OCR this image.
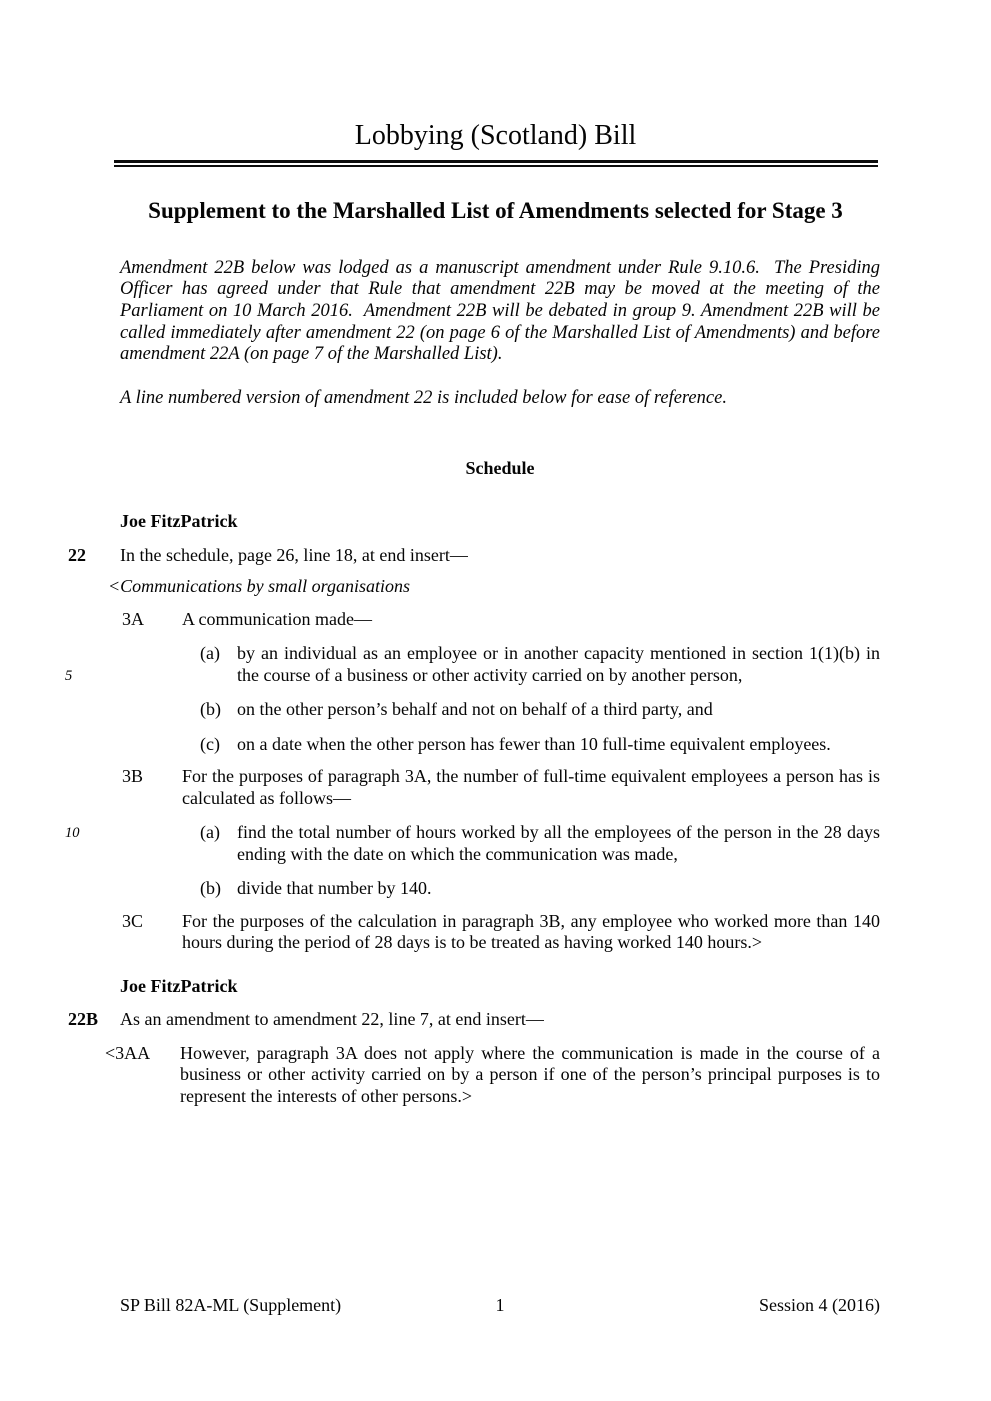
Lobbying (Scotland) Bill
Supplement to the Marshalled List of Amendments selected for Stage 3

Amendment 22B below was lodged as a manuscript amendment under Rule 9.10.6.  The Presiding Officer has agreed under that Rule that amendment 22B may be moved at the meeting of the Parliament on 10 March 2016.  Amendment 22B will be debated in group 9. Amendment 22B will be called immediately after amendment 22 (on page 6 of the Marshalled List of Amendments) and before amendment 22A (on page 7 of the Marshalled List).

A line numbered version of amendment 22 is included below for ease of reference.

Schedule
Joe FitzPatrick
22 In the schedule, page 26, line 18, at end insert—
<Communications by small organisations
3A A communication made—
5
(a) by an individual as an employee or in another capacity mentioned in section 1(1)(b) in the course of a business or other activity carried on by another person,
(b) on the other person’s behalf and not on behalf of a third party, and
(c) on a date when the other person has fewer than 10 full-time equivalent employees.
3B For the purposes of paragraph 3A, the number of full-time equivalent employees a person has is calculated as follows—
10	(a) find the total number of hours worked by all the employees of the person in the 28 days ending with the date on which the communication was made,
(b) divide that number by 140.
3C For the purposes of the calculation in paragraph 3B, any employee who worked more than 140 hours during the period of 28 days is to be treated as having worked 140 hours.>
Joe FitzPatrick
22B As an amendment to amendment 22, line 7, at end insert—
<3AA However, paragraph 3A does not apply where the communication is made in the course of a business or other activity carried on by a person if one of the person’s principal purposes is to represent the interests of other persons.>
SP Bill 82A-ML (Supplement)	1	Session 4 (2016)
